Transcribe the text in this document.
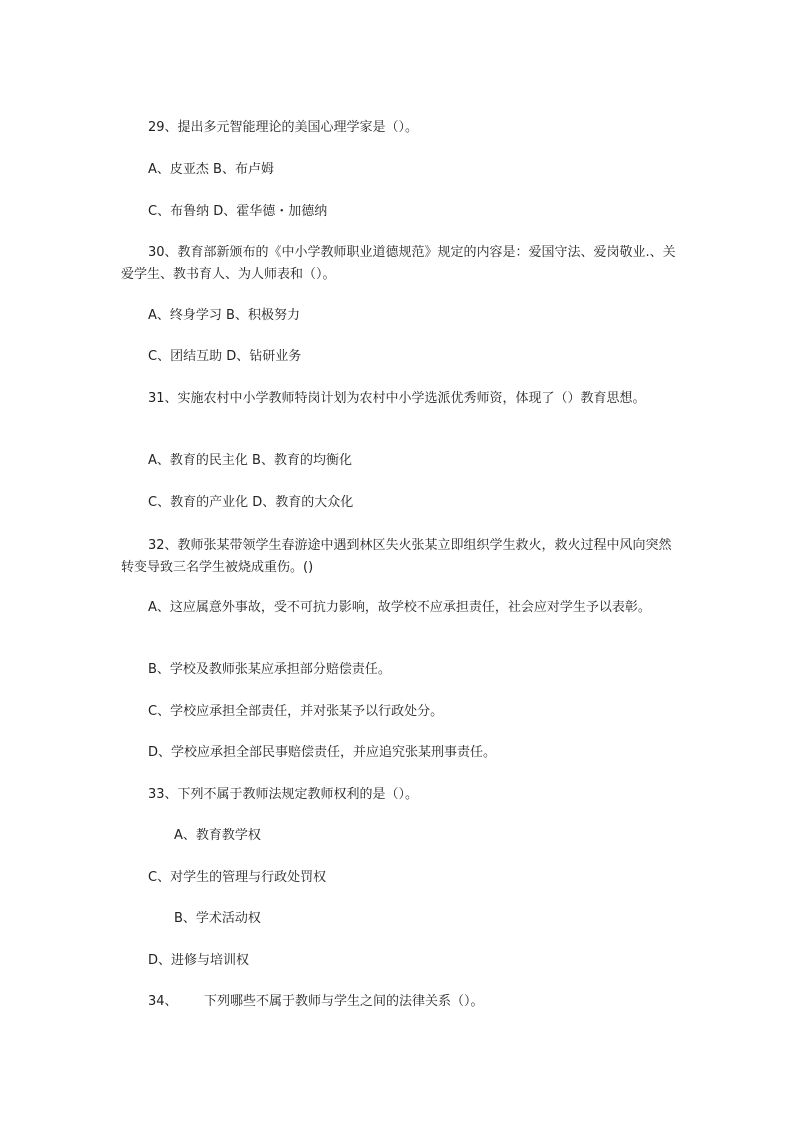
29、提出多元智能理论的美国心理学家是（）。
A、皮亚杰 B、布卢姆
C、布鲁纳 D、霍华德・加德纳
30、教育部新颁布的《中小学教师职业道德规范》规定的内容是：爱国守法、爱岗敬业.、关爱学生、教书育人、为人师表和（）。
A、终身学习 B、积极努力
C、团结互助 D、钻研业务
31、实施农村中小学教师特岗计划为农村中小学选派优秀师资，体现了（）教育思想。
A、教育的民主化 B、教育的均衡化
C、教育的产业化 D、教育的大众化
32、教师张某带领学生春游途中遇到林区失火张某立即组织学生救火，救火过程中风向突然转变导致三名学生被烧成重伤。()
A、这应属意外事故，受不可抗力影响，故学校不应承担责任，社会应对学生予以表彰。
B、学校及教师张某应承担部分赔偿责任。
C、学校应承担全部责任，并对张某予以行政处分。
D、学校应承担全部民事赔偿责任，并应追究张某刑事责任。
33、下列不属于教师法规定教师权利的是（）。
A、教育教学权
C、对学生的管理与行政处罚权
B、学术活动权
D、进修与培训权
34、 下列哪些不属于教师与学生之间的法律关系（）。
